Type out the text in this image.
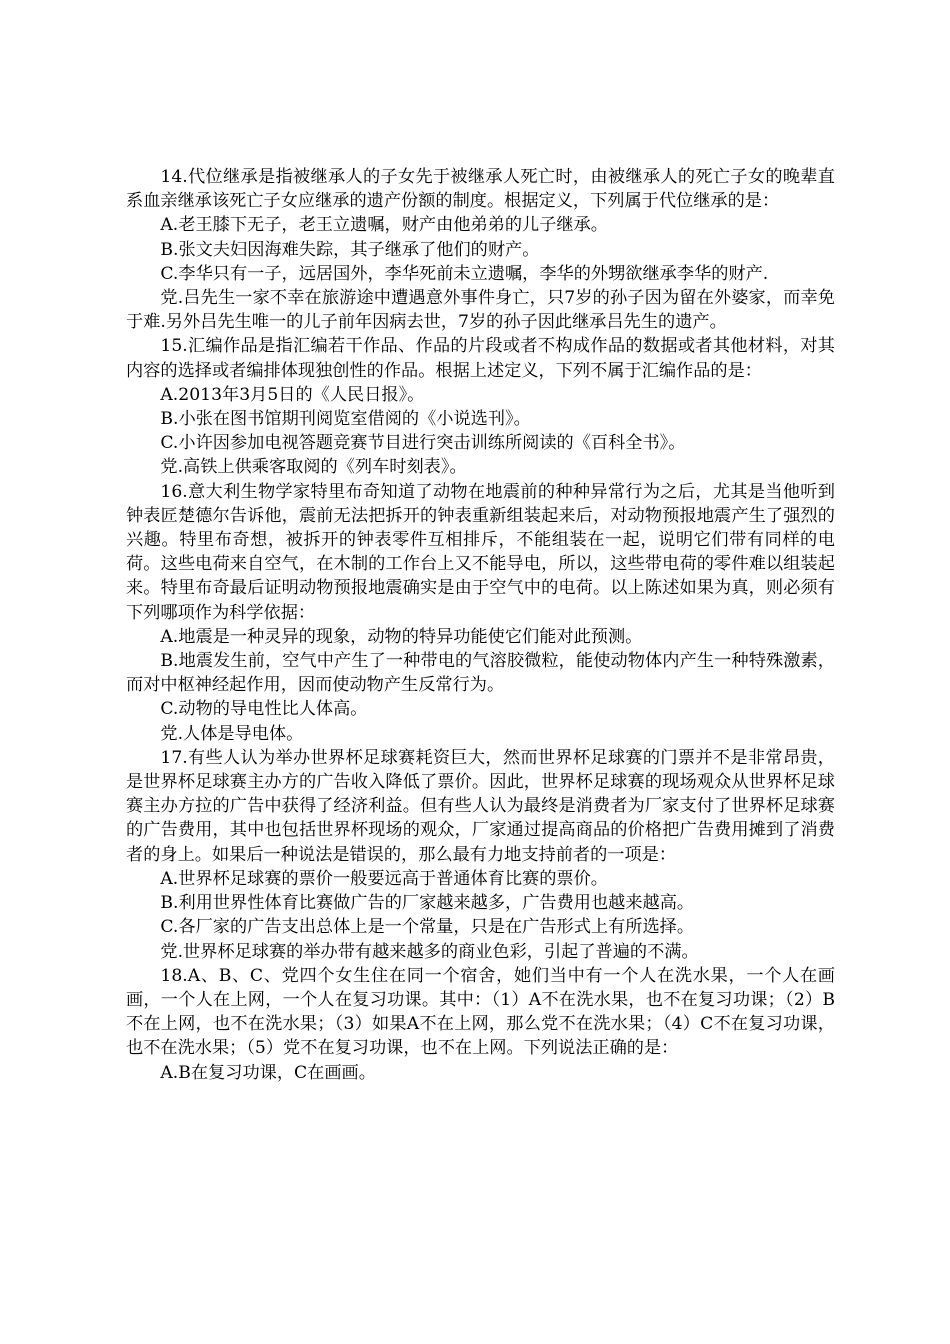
14.代位继承是指被继承人的子女先于被继承人死亡时，由被继承人的死亡子女的晚辈直系血亲继承该死亡子女应继承的遗产份额的制度。根据定义，下列属于代位继承的是：

A.老王膝下无子，老王立遗嘱，财产由他弟弟的儿子继承。

B.张文夫妇因海难失踪，其子继承了他们的财产。

C.李华只有一子，远居国外，李华死前未立遗嘱，李华的外甥欲继承李华的财产.

党.吕先生一家不幸在旅游途中遭遇意外事件身亡，只7岁的孙子因为留在外婆家，而幸免于难.另外吕先生唯一的儿子前年因病去世，7岁的孙子因此继承吕先生的遗产。

15.汇编作品是指汇编若干作品、作品的片段或者不构成作品的数据或者其他材料，对其内容的选择或者编排体现独创性的作品。根据上述定义，下列不属于汇编作品的是：

A.2013年3月5日的《人民日报》。

B.小张在图书馆期刊阅览室借阅的《小说选刊》。

C.小许因参加电视答题竞赛节目进行突击训练所阅读的《百科全书》。

党.高铁上供乘客取阅的《列车时刻表》。

16.意大利生物学家特里布奇知道了动物在地震前的种种异常行为之后，尤其是当他听到钟表匠楚德尔告诉他，震前无法把拆开的钟表重新组装起来后，对动物预报地震产生了强烈的兴趣。特里布奇想，被拆开的钟表零件互相排斥，不能组装在一起，说明它们带有同样的电荷。这些电荷来自空气，在木制的工作台上又不能导电，所以，这些带电荷的零件难以组装起来。特里布奇最后证明动物预报地震确实是由于空气中的电荷。以上陈述如果为真，则必须有下列哪项作为科学依据：

A.地震是一种灵异的现象，动物的特异功能使它们能对此预测。

B.地震发生前，空气中产生了一种带电的气溶胶微粒，能使动物体内产生一种特殊激素，而对中枢神经起作用，因而使动物产生反常行为。

C.动物的导电性比人体高。

党.人体是导电体。

17.有些人认为举办世界杯足球赛耗资巨大，然而世界杯足球赛的门票并不是非常昂贵，是世界杯足球赛主办方的广告收入降低了票价。因此，世界杯足球赛的现场观众从世界杯足球赛主办方拉的广告中获得了经济利益。但有些人认为最终是消费者为厂家支付了世界杯足球赛的广告费用，其中也包括世界杯现场的观众，厂家通过提高商品的价格把广告费用摊到了消费者的身上。如果后一种说法是错误的，那么最有力地支持前者的一项是：

A.世界杯足球赛的票价一般要远高于普通体育比赛的票价。

B.利用世界性体育比赛做广告的厂家越来越多，广告费用也越来越高。

C.各厂家的广告支出总体上是一个常量，只是在广告形式上有所选择。

党.世界杯足球赛的举办带有越来越多的商业色彩，引起了普遍的不满。

18.A、B、C、党四个女生住在同一个宿舍，她们当中有一个人在洗水果，一个人在画画，一个人在上网，一个人在复习功课。其中：（1）A不在洗水果，也不在复习功课；（2）B不在上网，也不在洗水果；（3）如果A不在上网，那么党不在洗水果；（4）C不在复习功课，也不在洗水果；（5）党不在复习功课，也不在上网。下列说法正确的是：

A.B在复习功课，C在画画。
